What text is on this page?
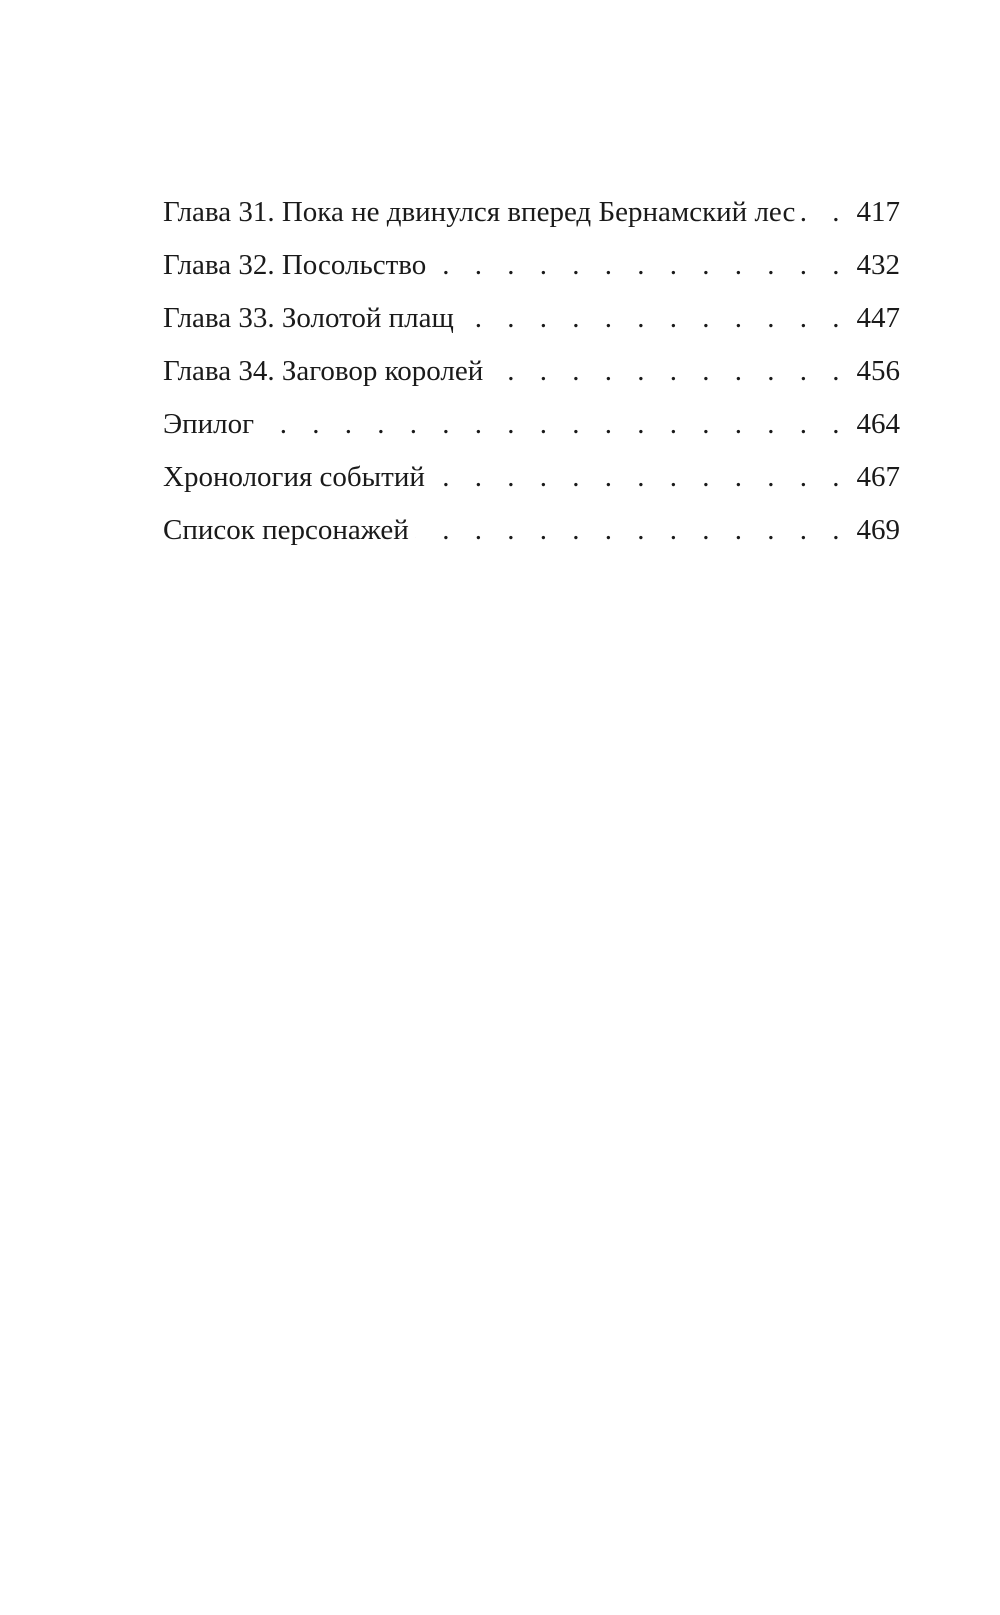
Глава 31. Пока не двинулся вперед Бернамский лес . . . 417
Глава 32. Посольство . . .	432
Глава 33. Золотой плащ . . .	447
Глава 34. Заговор королей . . .	456
Эпилог . . .	464
Хронология событий . . .	467
Список персонажей . . .	469
